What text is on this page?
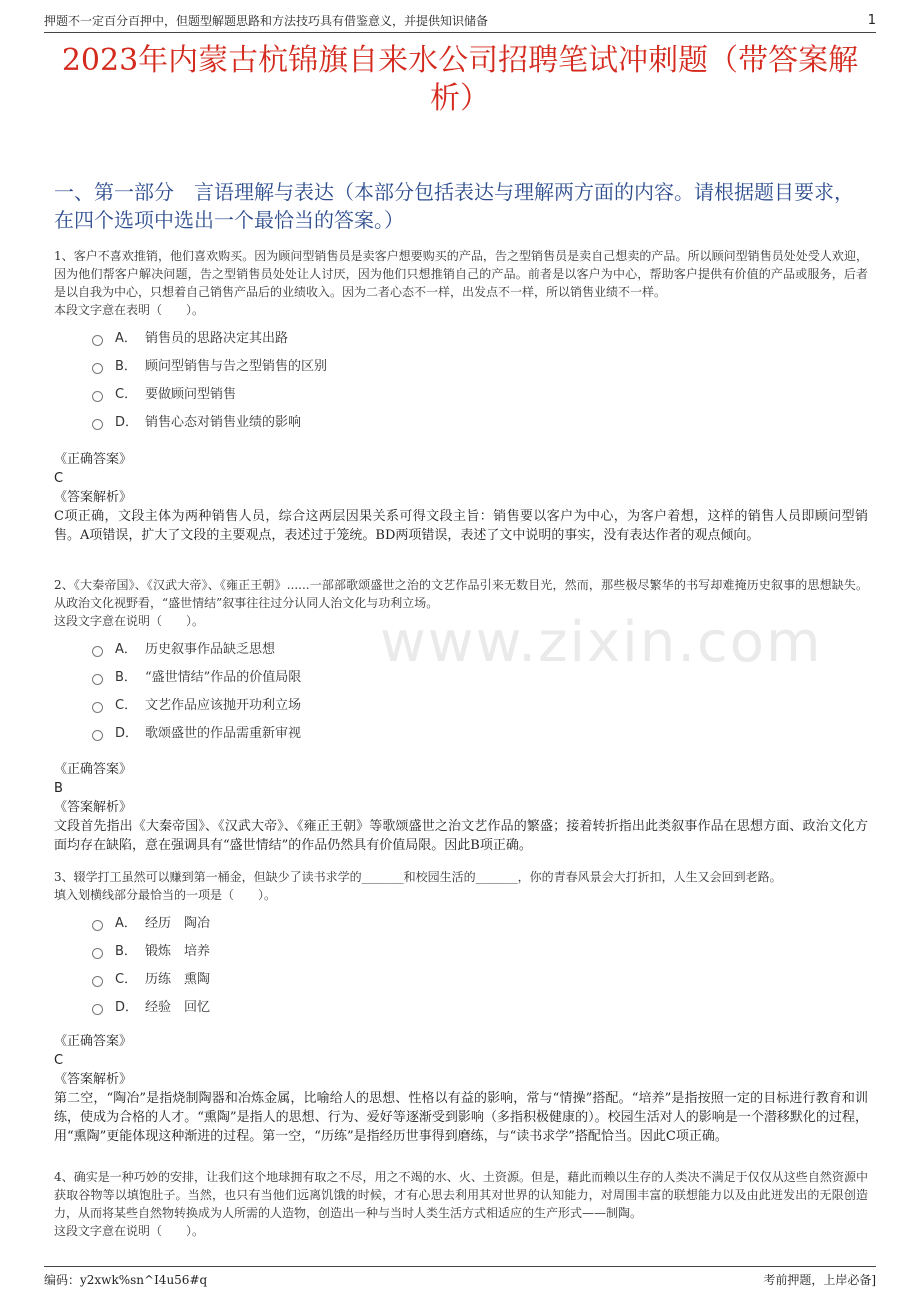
押题不一定百分百押中，但题型解题思路和方法技巧具有借鉴意义，并提供知识储备	1
2023年内蒙古杭锦旗自来水公司招聘笔试冲刺题（带答案解析）
一、第一部分　言语理解与表达（本部分包括表达与理解两方面的内容。请根据题目要求，在四个选项中选出一个最恰当的答案。）
www.zixin.com
1、客户不喜欢推销，他们喜欢购买。因为顾问型销售员是卖客户想要购买的产品，告之型销售员是卖自己想卖的产品。所以顾问型销售员处处受人欢迎，因为他们帮客户解决问题，告之型销售员处处让人讨厌，因为他们只想推销自己的产品。前者是以客户为中心，帮助客户提供有价值的产品或服务，后者是以自我为中心，只想着自己销售产品后的业绩收入。因为二者心态不一样，出发点不一样，所以销售业绩不一样。
本段文字意在表明（　　）。
A． 销售员的思路决定其出路
B． 顾问型销售与告之型销售的区别
C． 要做顾问型销售
D． 销售心态对销售业绩的影响
《正确答案》
C
《答案解析》
C项正确，文段主体为两种销售人员，综合这两层因果关系可得文段主旨：销售要以客户为中心，为客户着想，这样的销售人员即顾问型销售。A项错误，扩大了文段的主要观点，表述过于笼统。BD两项错误，表述了文中说明的事实，没有表达作者的观点倾向。
2、《大秦帝国》、《汉武大帝》、《雍正王朝》......一部部歌颂盛世之治的文艺作品引来无数目光，然而，那些极尽繁华的书写却难掩历史叙事的思想缺失。从政治文化视野看，“盛世情结”叙事往往过分认同人治文化与功利立场。
这段文字意在说明（　　）。
A． 历史叙事作品缺乏思想
B． “盛世情结”作品的价值局限
C． 文艺作品应该抛开功利立场
D． 歌颂盛世的作品需重新审视
《正确答案》
B
《答案解析》
文段首先指出《大秦帝国》、《汉武大帝》、《雍正王朝》等歌颂盛世之治文艺作品的繁盛；接着转折指出此类叙事作品在思想方面、政治文化方面均存在缺陷，意在强调具有“盛世情结”的作品仍然具有价值局限。因此B项正确。
3、辍学打工虽然可以赚到第一桶金，但缺少了读书求学的_______和校园生活的_______，你的青春风景会大打折扣，人生又会回到老路。
填入划横线部分最恰当的一项是（　　）。
A． 经历　陶冶
B． 锻炼　培养
C． 历练　熏陶
D． 经验　回忆
《正确答案》
C
《答案解析》
第二空，“陶冶”是指烧制陶器和冶炼金属，比喻给人的思想、性格以有益的影响，常与“情操”搭配。“培养”是指按照一定的目标进行教育和训练，使成为合格的人才。“熏陶”是指人的思想、行为、爱好等逐渐受到影响（多指积极健康的）。校园生活对人的影响是一个潜移默化的过程，用“熏陶”更能体现这种渐进的过程。第一空，“历练”是指经历世事得到磨练，与“读书求学”搭配恰当。因此C项正确。
4、确实是一种巧妙的安排，让我们这个地球拥有取之不尽，用之不竭的水、火、土资源。但是，藉此而赖以生存的人类决不满足于仅仅从这些自然资源中获取谷物等以填饱肚子。当然，也只有当他们远离饥饿的时候，才有心思去利用其对世界的认知能力，对周围丰富的联想能力以及由此迸发出的无限创造力，从而将某些自然物转换成为人所需的人造物，创造出一种与当时人类生活方式相适应的生产形式——制陶。
这段文字意在说明（　　）。
编码：y2xwk%sn^I4u56#q	考前押题，上岸必备]
